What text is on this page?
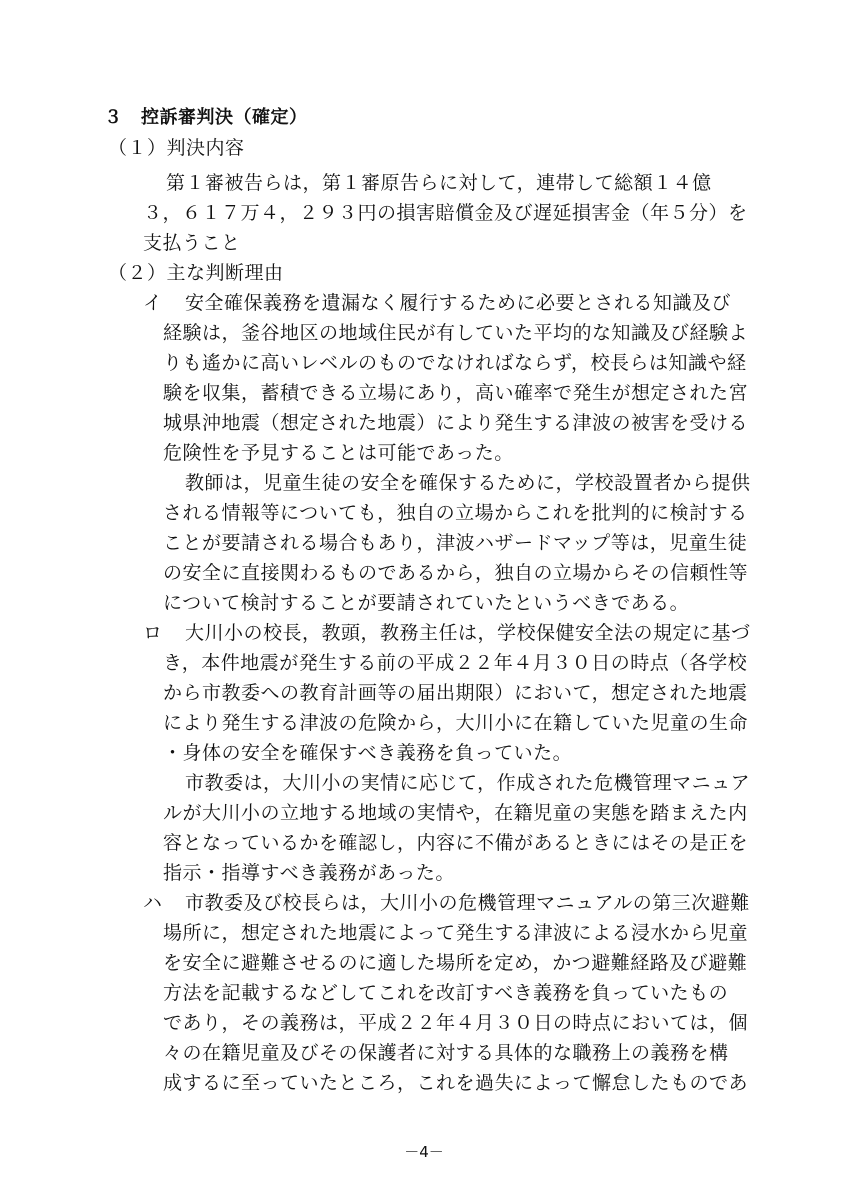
３　控訴審判決（確定）
（１）判決内容
第１審被告らは，第１審原告らに対して，連帯して総額１４億
３，６１７万４，２９３円の損害賠償金及び遅延損害金（年５分）を
支払うこと
（２）主な判断理由
イ 安全確保義務を遺漏なく履行するために必要とされる知識及び
経験は，釜谷地区の地域住民が有していた平均的な知識及び経験よ
りも遙かに高いレベルのものでなければならず，校長らは知識や経
験を収集，蓄積できる立場にあり，高い確率で発生が想定された宮
城県沖地震（想定された地震）により発生する津波の被害を受ける
危険性を予見することは可能であった。
教師は，児童生徒の安全を確保するために，学校設置者から提供
される情報等についても，独自の立場からこれを批判的に検討する
ことが要請される場合もあり，津波ハザードマップ等は，児童生徒
の安全に直接関わるものであるから，独自の立場からその信頼性等
について検討することが要請されていたというべきである。
ロ 大川小の校長，教頭，教務主任は，学校保健安全法の規定に基づ
き，本件地震が発生する前の平成２２年４月３０日の時点（各学校
から市教委への教育計画等の届出期限）において，想定された地震
により発生する津波の危険から，大川小に在籍していた児童の生命
・身体の安全を確保すべき義務を負っていた。
市教委は，大川小の実情に応じて，作成された危機管理マニュア
ルが大川小の立地する地域の実情や，在籍児童の実態を踏まえた内
容となっているかを確認し，内容に不備があるときにはその是正を
指示・指導すべき義務があった。
ハ 市教委及び校長らは，大川小の危機管理マニュアルの第三次避難
場所に，想定された地震によって発生する津波による浸水から児童
を安全に避難させるのに適した場所を定め，かつ避難経路及び避難
方法を記載するなどしてこれを改訂すべき義務を負っていたもの
であり，その義務は，平成２２年４月３０日の時点においては，個
々の在籍児童及びその保護者に対する具体的な職務上の義務を構
成するに至っていたところ，これを過失によって懈怠したものであ
－4－
